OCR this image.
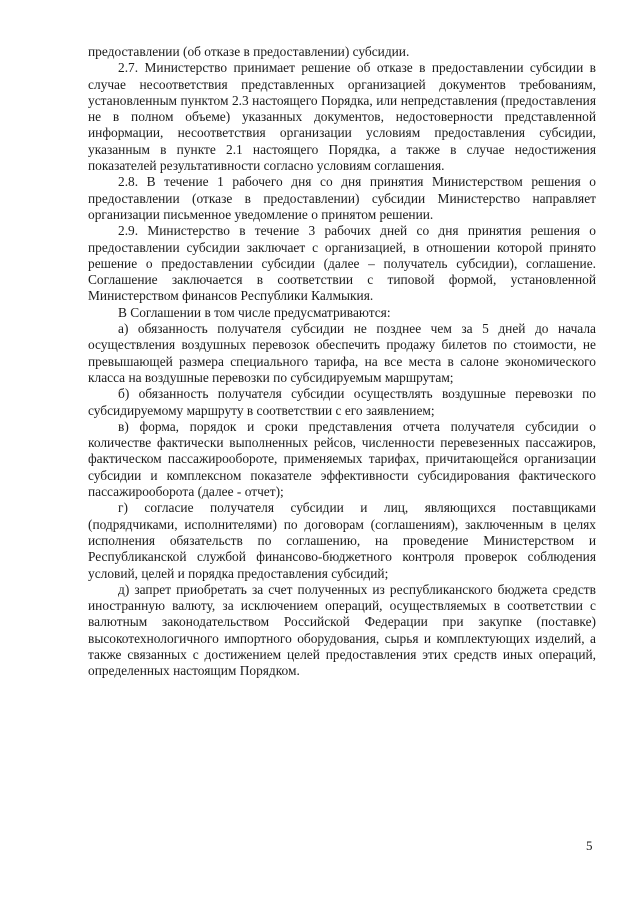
предоставлении (об отказе в предоставлении) субсидии.

2.7. Министерство принимает решение об отказе в предоставлении субсидии в случае несоответствия представленных организацией документов требованиям, установленным пунктом 2.3 настоящего Порядка, или непредставления (предоставления не в полном объеме) указанных документов, недостоверности представленной информации, несоответствия организации условиям предоставления субсидии, указанным в пункте 2.1 настоящего Порядка, а также в случае недостижения показателей результативности согласно условиям соглашения.

2.8. В течение 1 рабочего дня со дня принятия Министерством решения о предоставлении (отказе в предоставлении) субсидии Министерство направляет организации письменное уведомление о принятом решении.

2.9. Министерство в течение 3 рабочих дней со дня принятия решения о предоставлении субсидии заключает с организацией, в отношении которой принято решение о предоставлении субсидии (далее – получатель субсидии), соглашение. Соглашение заключается в соответствии с типовой формой, установленной Министерством финансов Республики Калмыкия.

В Соглашении в том числе предусматриваются:

а) обязанность получателя субсидии не позднее чем за 5 дней до начала осуществления воздушных перевозок обеспечить продажу билетов по стоимости, не превышающей размера специального тарифа, на все места в салоне экономического класса на воздушные перевозки по субсидируемым маршрутам;

б) обязанность получателя субсидии осуществлять воздушные перевозки по субсидируемому маршруту в соответствии с его заявлением;

в) форма, порядок и сроки представления отчета получателя субсидии о количестве фактически выполненных рейсов, численности перевезенных пассажиров, фактическом пассажирообороте, применяемых тарифах, причитающейся организации субсидии и комплексном показателе эффективности субсидирования фактического пассажирооборота (далее - отчет);

г) согласие получателя субсидии и лиц, являющихся поставщиками (подрядчиками, исполнителями) по договорам (соглашениям), заключенным в целях исполнения обязательств по соглашению, на проведение Министерством и Республиканской службой финансово-бюджетного контроля проверок соблюдения условий, целей и порядка предоставления субсидий;

д) запрет приобретать за счет полученных из республиканского бюджета средств иностранную валюту, за исключением операций, осуществляемых в соответствии с валютным законодательством Российской Федерации при закупке (поставке) высокотехнологичного импортного оборудования, сырья и комплектующих изделий, а также связанных с достижением целей предоставления этих средств иных операций, определенных настоящим Порядком.

5
